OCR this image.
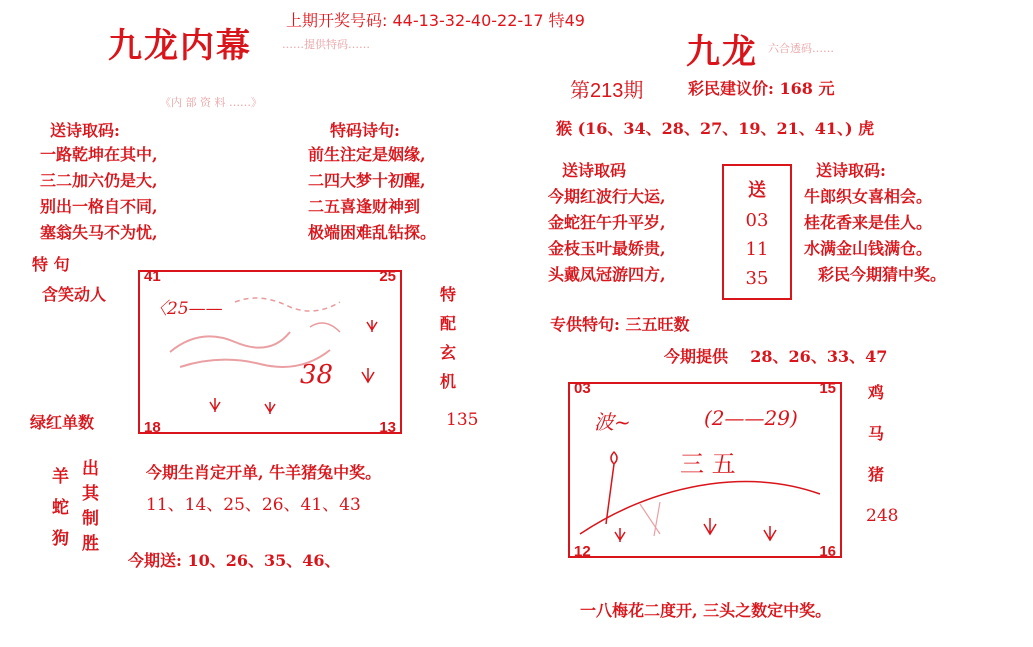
上期开奖号码: 44-13-32-40-22-17 特49
九龙内幕	……提供特码……
《内 部 资 料 ……》
送诗取码:
一路乾坤在其中,
三二加六仍是大,
别出一格自不同,
塞翁失马不为忧,
特码诗句:
前生注定是姻缘,
二四大梦十初醒,
二五喜逢财神到
极端困难乱钻探。
特 句
含笑动人
绿红单数
41	25
18	13
〈25——
38
特
配
玄
机
135
羊
蛇
狗
出
其
制
胜
今期生肖定开单, 牛羊猪兔中奖。
11、14、25、26、41、43
今期送: 10、26、35、46、
九龙 六合透码……
第213期	彩民建议价: 168 元
猴 (16、34、28、27、19、21、41、) 虎
送诗取码	送诗取码:
今期红波行大运,
金蛇狂午升平岁,
金枝玉叶最娇贵,
头戴凤冠游四方,
送
03
11
35
牛郎织女喜相会。
桂花香来是佳人。
水满金山钱满仓。
彩民今期猜中奖。
专供特句: 三五旺数
今期提供    28、26、33、47
03	15
12	16
波~	(2——29)
三 五
鸡
马
猪
248
一八梅花二度开, 三头之数定中奖。
